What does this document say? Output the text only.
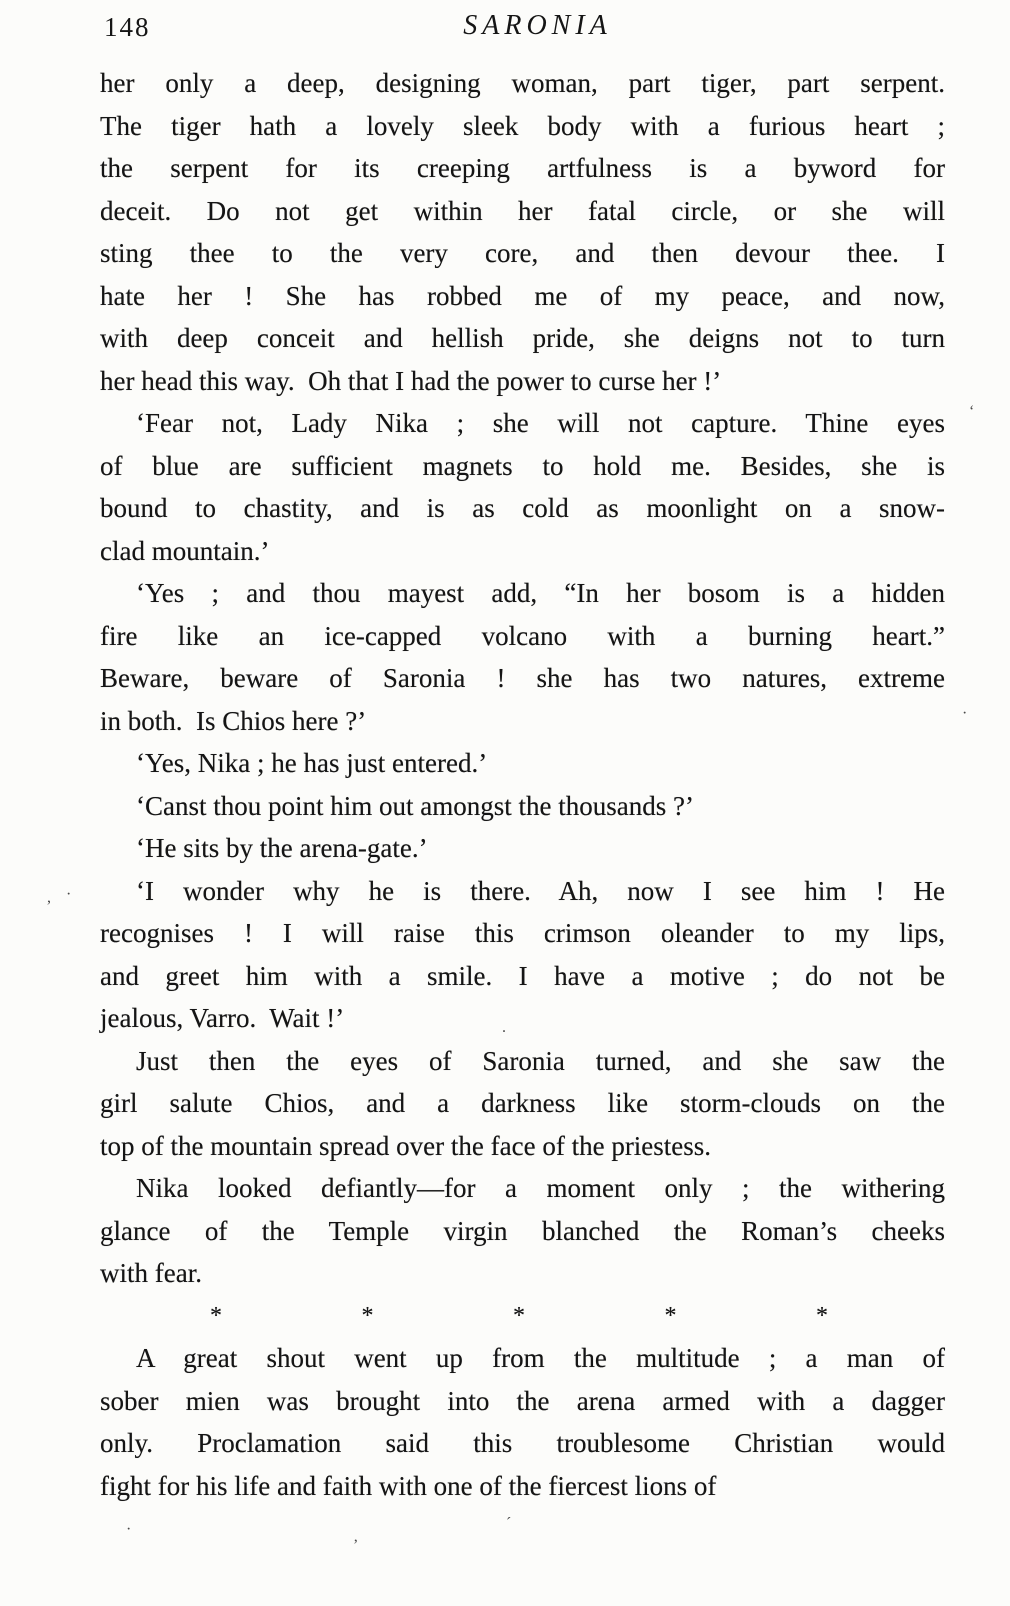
148	SARONIA
her only a deep, designing woman, part tiger, part serpent.
The tiger hath a lovely sleek body with a furious heart ;
the serpent for its creeping artfulness is a byword for
deceit. Do not get within her fatal circle, or she will
sting thee to the very core, and then devour thee. I
hate her ! She has robbed me of my peace, and now,
with deep conceit and hellish pride, she deigns not to turn
her head this way.  Oh that I had the power to curse her !’
‘Fear not, Lady Nika ; she will not capture. Thine eyes
of blue are sufficient magnets to hold me. Besides, she is
bound to chastity, and is as cold as moonlight on a snow-
clad mountain.’
‘Yes ; and thou mayest add, “In her bosom is a hidden
fire like an ice-capped volcano with a burning heart.”
Beware, beware of Saronia ! she has two natures, extreme
in both.  Is Chios here ?’
‘Yes, Nika ; he has just entered.’
‘Canst thou point him out amongst the thousands ?’
‘He sits by the arena-gate.’
‘I wonder why he is there. Ah, now I see him ! He
recognises ! I will raise this crimson oleander to my lips,
and greet him with a smile. I have a motive ; do not be
jealous, Varro.  Wait !’
Just then the eyes of Saronia turned, and she saw the
girl salute Chios, and a darkness like storm-clouds on the
top of the mountain spread over the face of the priestess.
Nika looked defiantly—for a moment only ; the withering
glance of the Temple virgin blanched the Roman’s cheeks
with fear.
*	*	*	*	*
A great shout went up from the multitude ; a man of
sober mien was brought into the arena armed with a dagger
only. Proclamation said this troublesome Christian would
fight for his life and faith with one of the fiercest lions of
, ·
‘
·
.
·
’
´
